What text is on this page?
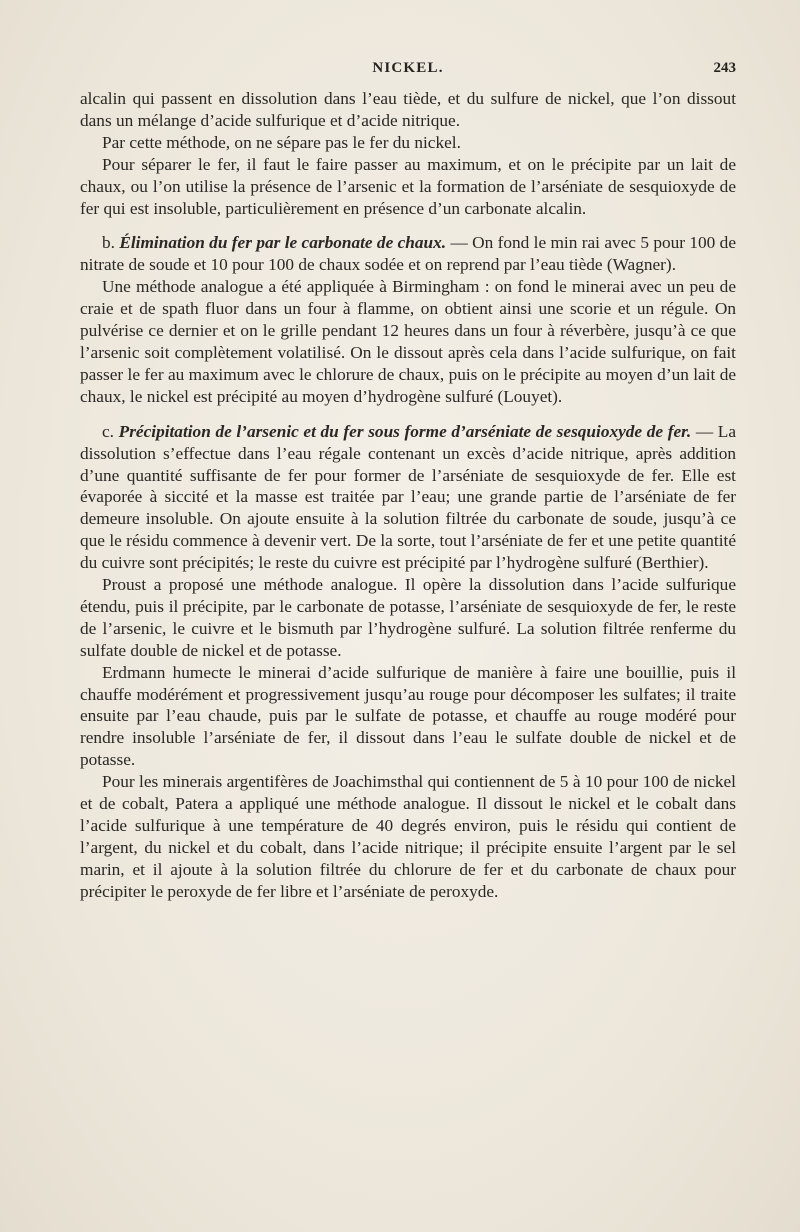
NICKEL.	243

alcalin qui passent en dissolution dans l’eau tiède, et du sulfure de nickel, que l’on dissout dans un mélange d’acide sulfurique et d’acide nitrique.

Par cette méthode, on ne sépare pas le fer du nickel.

Pour séparer le fer, il faut le faire passer au maximum, et on le précipite par un lait de chaux, ou l’on utilise la présence de l’arsenic et la formation de l’arséniate de sesquioxyde de fer qui est insoluble, particulièrement en présence d’un carbonate alcalin.

b. Élimination du fer par le carbonate de chaux. — On fond le min rai avec 5 pour 100 de nitrate de soude et 10 pour 100 de chaux sodée et on reprend par l’eau tiède (Wagner).

Une méthode analogue a été appliquée à Birmingham : on fond le minerai avec un peu de craie et de spath fluor dans un four à flamme, on obtient ainsi une scorie et un régule. On pulvérise ce dernier et on le grille pendant 12 heures dans un four à réverbère, jusqu’à ce que l’arsenic soit complètement volatilisé. On le dissout après cela dans l’acide sulfurique, on fait passer le fer au maximum avec le chlorure de chaux, puis on le précipite au moyen d’un lait de chaux, le nickel est précipité au moyen d’hydrogène sulfuré (Louyet).

c. Précipitation de l’arsenic et du fer sous forme d’arséniate de sesquioxyde de fer. — La dissolution s’effectue dans l’eau régale contenant un excès d’acide nitrique, après addition d’une quantité suffisante de fer pour former de l’arséniate de sesquioxyde de fer. Elle est évaporée à siccité et la masse est traitée par l’eau; une grande partie de l’arséniate de fer demeure insoluble. On ajoute ensuite à la solution filtrée du carbonate de soude, jusqu’à ce que le résidu commence à devenir vert. De la sorte, tout l’arséniate de fer et une petite quantité du cuivre sont précipités; le reste du cuivre est précipité par l’hydrogène sulfuré (Berthier).

Proust a proposé une méthode analogue. Il opère la dissolution dans l’acide sulfurique étendu, puis il précipite, par le carbonate de potasse, l’arséniate de sesquioxyde de fer, le reste de l’arsenic, le cuivre et le bismuth par l’hydrogène sulfuré. La solution filtrée renferme du sulfate double de nickel et de potasse.

Erdmann humecte le minerai d’acide sulfurique de manière à faire une bouillie, puis il chauffe modérément et progressivement jusqu’au rouge pour décomposer les sulfates; il traite ensuite par l’eau chaude, puis par le sulfate de potasse, et chauffe au rouge modéré pour rendre insoluble l’arséniate de fer, il dissout dans l’eau le sulfate double de nickel et de potasse.

Pour les minerais argentifères de Joachimsthal qui contiennent de 5 à 10 pour 100 de nickel et de cobalt, Patera a appliqué une méthode analogue. Il dissout le nickel et le cobalt dans l’acide sulfurique à une température de 40 degrés environ, puis le résidu qui contient de l’argent, du nickel et du cobalt, dans l’acide nitrique; il précipite ensuite l’argent par le sel marin, et il ajoute à la solution filtrée du chlorure de fer et du carbonate de chaux pour précipiter le peroxyde de fer libre et l’arséniate de peroxyde.
